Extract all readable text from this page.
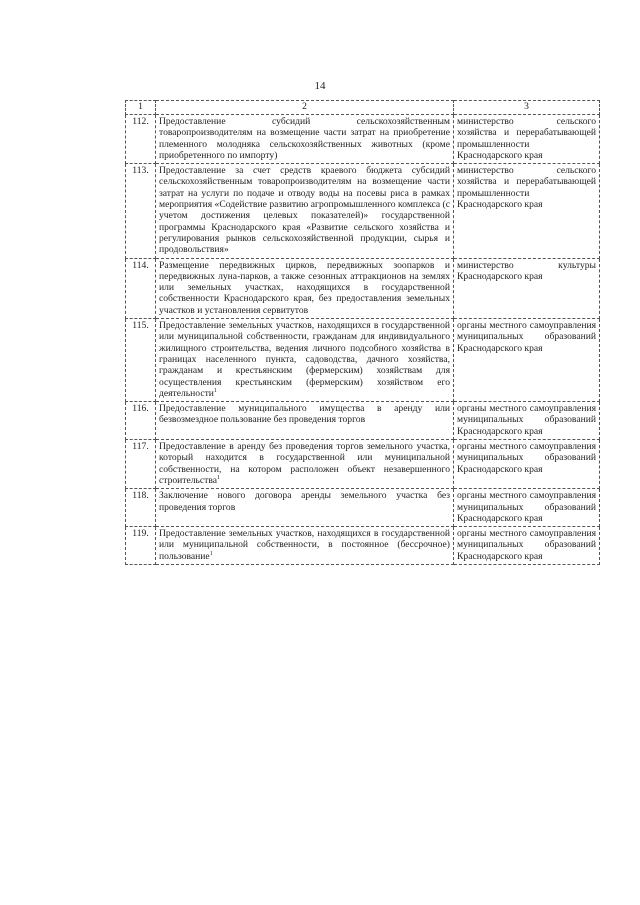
14
1	2	3
112.	Предоставление субсидий сельскохозяйственным товаропроизводителям на возмещение части затрат на приобретение племенного молодняка сельскохозяйственных животных (кроме приобретенного по импорту)	министерство сельского хозяйства и перерабатывающей промышленности Краснодарского края
113.	Предоставление за счет средств краевого бюджета субсидий сельскохозяйственным товаропроизводителям на возмещение части затрат на услуги по подаче и отводу воды на посевы риса в рамках мероприятия «Содействие развитию агропромышленного комплекса (с учетом достижения целевых показателей)» государственной программы Краснодарского края «Развитие сельского хозяйства и регулирования рынков сельскохозяйственной продукции, сырья и продовольствия»	министерство сельского хозяйства и перерабатывающей промышленности Краснодарского края
114.	Размещение передвижных цирков, передвижных зоопарков и передвижных луна-парков, а также сезонных аттракционов на землях или земельных участках, находящихся в государственной собственности Краснодарского края, без предоставления земельных участков и установления сервитутов	министерство культуры Краснодарского края
115.	Предоставление земельных участков, находящихся в государственной или муниципальной собственности, гражданам для индивидуального жилищного строительства, ведения личного подсобного хозяйства в границах населенного пункта, садоводства, дачного хозяйства, гражданам и крестьянским (фермерским) хозяйствам для осуществления крестьянским (фермерским) хозяйством его деятельности$^1$	органы местного самоуправления муниципальных образований Краснодарского края
116.	Предоставление муниципального имущества в аренду или безвозмездное пользование без проведения торгов	органы местного самоуправления муниципальных образований Краснодарского края
117.	Предоставление в аренду без проведения торгов земельного участка, который находится в государственной или муниципальной собственности, на котором расположен объект незавершенного строительства$^1$	органы местного самоуправления муниципальных образований Краснодарского края
118.	Заключение нового договора аренды земельного участка без проведения торгов	органы местного самоуправления муниципальных образований Краснодарского края
119.	Предоставление земельных участков, находящихся в государственной или муниципальной собственности, в постоянное (бессрочное) пользование$^1$	органы местного самоуправления муниципальных образований Краснодарского края
